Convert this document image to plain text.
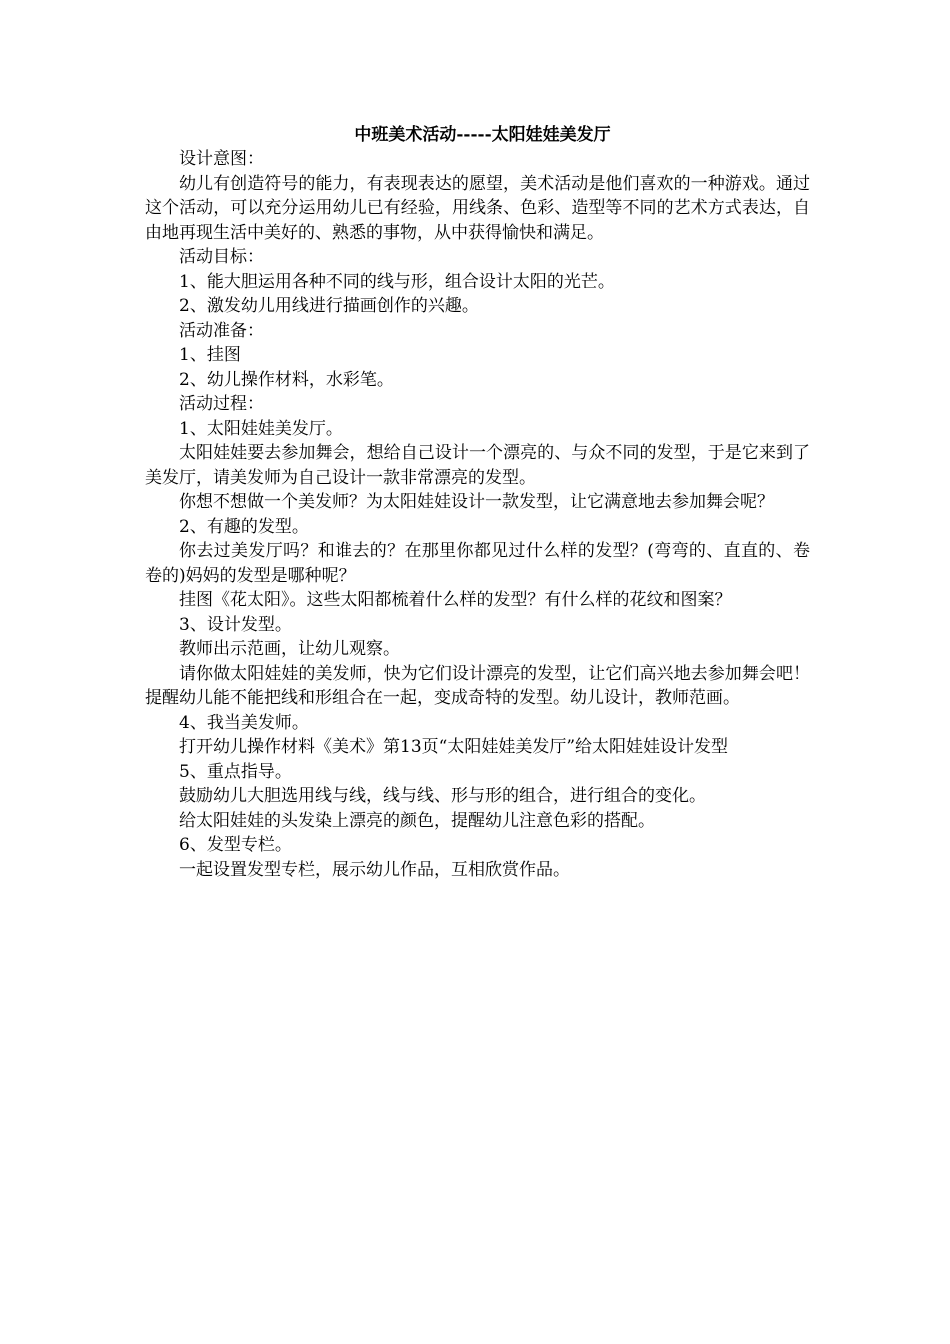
中班美术活动-----太阳娃娃美发厅

设计意图：

幼儿有创造符号的能力，有表现表达的愿望，美术活动是他们喜欢的一种游戏。通过这个活动，可以充分运用幼儿已有经验，用线条、色彩、造型等不同的艺术方式表达，自由地再现生活中美好的、熟悉的事物，从中获得愉快和满足。

活动目标：

1、能大胆运用各种不同的线与形，组合设计太阳的光芒。

2、激发幼儿用线进行描画创作的兴趣。

活动准备：

1、挂图

2、幼儿操作材料，水彩笔。

活动过程：

1、太阳娃娃美发厅。

太阳娃娃要去参加舞会，想给自己设计一个漂亮的、与众不同的发型，于是它来到了美发厅，请美发师为自己设计一款非常漂亮的发型。

你想不想做一个美发师？为太阳娃娃设计一款发型，让它满意地去参加舞会呢？

2、有趣的发型。

你去过美发厅吗？和谁去的？在那里你都见过什么样的发型？(弯弯的、直直的、卷卷的)妈妈的发型是哪种呢？

挂图《花太阳》。这些太阳都梳着什么样的发型？有什么样的花纹和图案？

3、设计发型。

教师出示范画，让幼儿观察。

请你做太阳娃娃的美发师，快为它们设计漂亮的发型，让它们高兴地去参加舞会吧！提醒幼儿能不能把线和形组合在一起，变成奇特的发型。幼儿设计，教师范画。

4、我当美发师。

打开幼儿操作材料《美术》第13页“太阳娃娃美发厅”给太阳娃娃设计发型

5、重点指导。

鼓励幼儿大胆选用线与线，线与线、形与形的组合，进行组合的变化。

给太阳娃娃的头发染上漂亮的颜色，提醒幼儿注意色彩的搭配。

6、发型专栏。

一起设置发型专栏，展示幼儿作品，互相欣赏作品。
